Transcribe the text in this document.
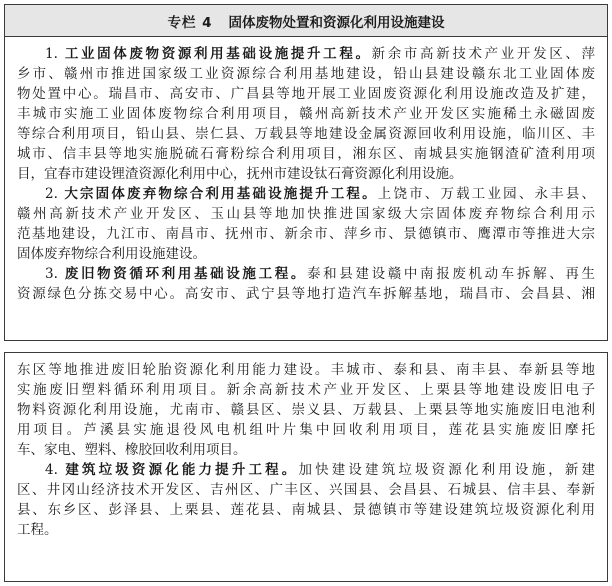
专栏 4 固体废物处置和资源化利用设施建设
1. 工业固体废物资源利用基础设施提升工程。新余市高新技术产业开发区、萍
乡市、赣州市推进国家级工业资源综合利用基地建设，铅山县建设赣东北工业固体废
物处置中心。瑞昌市、高安市、广昌县等地开展工业固废资源化利用设施改造及扩建，
丰城市实施工业固体废物综合利用项目，赣州高新技术产业开发区实施稀土永磁固废
等综合利用项目，铅山县、崇仁县、万载县等地建设金属资源回收利用设施，临川区、丰
城市、信丰县等地实施脱硫石膏粉综合利用项目，湘东区、南城县实施钢渣矿渣利用项
目，宜春市建设锂渣资源化利用中心，抚州市建设钛石膏资源化利用设施。
2. 大宗固体废弃物综合利用基础设施提升工程。上饶市、万载工业园、永丰县、
赣州高新技术产业开发区、玉山县等地加快推进国家级大宗固体废弃物综合利用示
范基地建设，九江市、南昌市、抚州市、新余市、萍乡市、景德镇市、鹰潭市等推进大宗
固体废弃物综合利用设施建设。
3. 废旧物资循环利用基础设施工程。泰和县建设赣中南报废机动车拆解、再生
资源绿色分拣交易中心。高安市、武宁县等地打造汽车拆解基地，瑞昌市、会昌县、湘
东区等地推进废旧轮胎资源化利用能力建设。丰城市、泰和县、南丰县、奉新县等地
实施废旧塑料循环利用项目。新余高新技术产业开发区、上栗县等地建设废旧电子
物料资源化利用设施，尤南市、赣县区、崇义县、万载县、上栗县等地实施废旧电池利
用项目。芦溪县实施退役风电机组叶片集中回收利用项目，莲花县实施废旧摩托
车、家电、塑料、橡胶回收利用项目。
4. 建筑垃圾资源化能力提升工程。加快建设建筑垃圾资源化利用设施，新建
区、井冈山经济技术开发区、吉州区、广丰区、兴国县、会昌县、石城县、信丰县、奉新
县、东乡区、彭泽县、上栗县、莲花县、南城县、景德镇市等建设建筑垃圾资源化利用
工程。
